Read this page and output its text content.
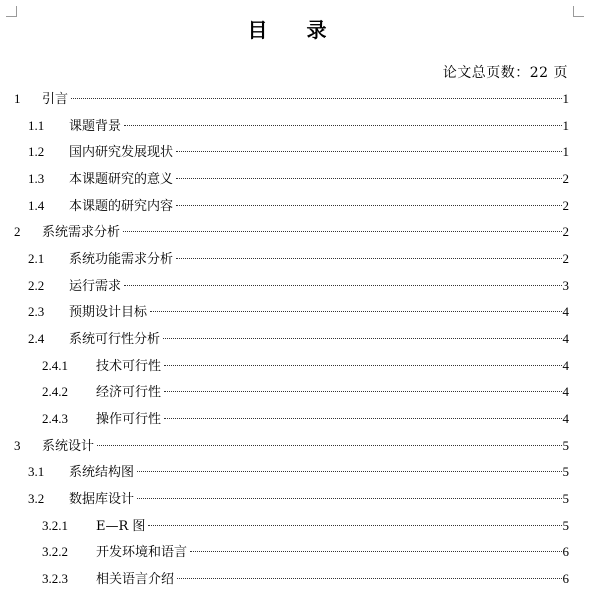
目 录
论文总页数：22 页
1	引言	1
1.1	课题背景	1
1.2	国内研究发展现状	1
1.3	本课题研究的意义	2
1.4	本课题的研究内容	2
2	系统需求分析	2
2.1	系统功能需求分析	2
2.2	运行需求	3
2.3	预期设计目标	4
2.4	系统可行性分析	4
2.4.1	技术可行性	4
2.4.2	经济可行性	4
2.4.3	操作可行性	4
3	系统设计	5
3.1	系统结构图	5
3.2	数据库设计	5
3.2.1	E—R 图	5
3.2.2	开发环境和语言	6
3.2.3	相关语言介绍	6
